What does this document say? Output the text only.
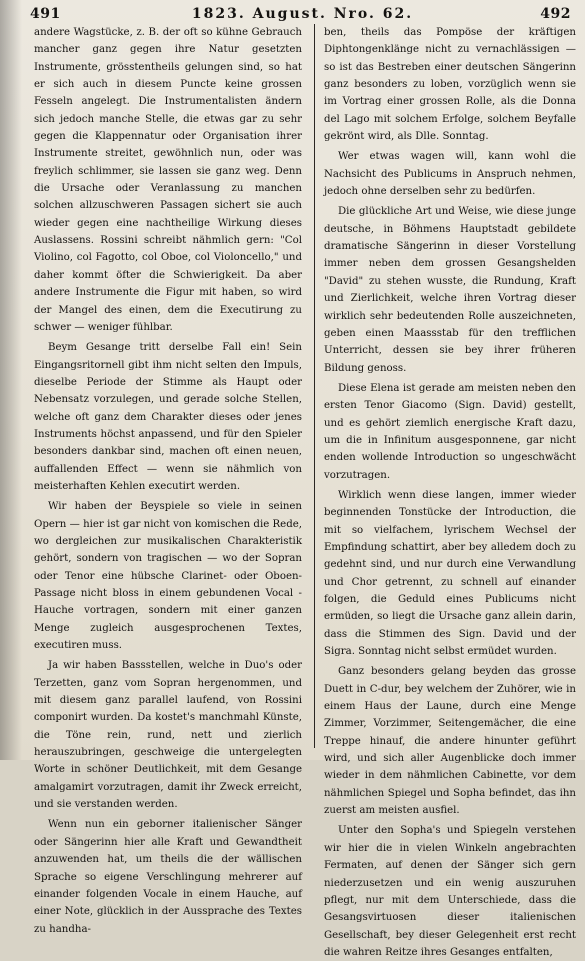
491	1823. August. Nro. 62.	492

andere Wagstücke, z. B. der oft so kühne Gebrauch mancher ganz gegen ihre Natur gesetzten Instrumente, grösstentheils gelungen sind, so hat er sich auch in diesem Puncte keine grossen Fesseln angelegt. Die Instrumentalisten ändern sich jedoch manche Stelle, die etwas gar zu sehr gegen die Klappennatur oder Organisation ihrer Instrumente streitet, gewöhnlich nun, oder was freylich schlimmer, sie lassen sie ganz weg. Denn die Ursache oder Veranlassung zu manchen solchen allzuschweren Passagen sichert sie auch wieder gegen eine nachtheilige Wirkung dieses Auslassens. Rossini schreibt nähmlich gern: "Col Violino, col Fagotto, col Oboe, col Violoncello," und daher kommt öfter die Schwierigkeit. Da aber andere Instrumente die Figur mit haben, so wird der Mangel des einen, dem die Executirung zu schwer — weniger fühlbar.

Beym Gesange tritt derselbe Fall ein! Sein Eingangsritornell gibt ihm nicht selten den Impuls, dieselbe Periode der Stimme als Haupt oder Nebensatz vorzulegen, und gerade solche Stellen, welche oft ganz dem Charakter dieses oder jenes Instruments höchst anpassend, und für den Spieler besonders dankbar sind, machen oft einen neuen, auffallenden Effect — wenn sie nähmlich von meisterhaften Kehlen executirt werden.

Wir haben der Beyspiele so viele in seinen Opern — hier ist gar nicht von komischen die Rede, wo dergleichen zur musikalischen Charakteristik gehört, sondern von tragischen — wo der Sopran oder Tenor eine hübsche Clarinet- oder Oboen-Passage nicht bloss in einem gebundenen Vocal - Hauche vortragen, sondern mit einer ganzen Menge zugleich ausgesprochenen Textes, executiren muss.

Ja wir haben Bassstellen, welche in Duo's oder Terzetten, ganz vom Sopran hergenommen, und mit diesem ganz parallel laufend, von Rossini componirt wurden. Da kostet's manchmahl Künste, die Töne rein, rund, nett und zierlich herauszubringen, geschweige die untergelegten Worte in schöner Deutlichkeit, mit dem Gesange amalgamirt vorzutragen, damit ihr Zweck erreicht, und sie verstanden werden.

Wenn nun ein geborner italienischer Sänger oder Sängerinn hier alle Kraft und Gewandtheit anzuwenden hat, um theils die der wällischen Sprache so eigene Verschlingung mehrerer auf einander folgenden Vocale in einem Hauche, auf einer Note, glücklich in der Aussprache des Textes zu handha-

ben, theils das Pompöse der kräftigen Diphtongenklänge nicht zu vernachlässigen — so ist das Bestreben einer deutschen Sängerinn ganz besonders zu loben, vorzüglich wenn sie im Vortrag einer grossen Rolle, als die Donna del Lago mit solchem Erfolge, solchem Beyfalle gekrönt wird, als Dlle. Sonntag.

Wer etwas wagen will, kann wohl die Nachsicht des Publicums in Anspruch nehmen, jedoch ohne derselben sehr zu bedürfen.

Die glückliche Art und Weise, wie diese junge deutsche, in Böhmens Hauptstadt gebildete dramatische Sängerinn in dieser Vorstellung immer neben dem grossen Gesangshelden "David" zu stehen wusste, die Rundung, Kraft und Zierlichkeit, welche ihren Vortrag dieser wirklich sehr bedeutenden Rolle auszeichneten, geben einen Maassstab für den trefflichen Unterricht, dessen sie bey ihrer früheren Bildung genoss.

Diese Elena ist gerade am meisten neben den ersten Tenor Giacomo (Sign. David) gestellt, und es gehört ziemlich energische Kraft dazu, um die in Infinitum ausgesponnene, gar nicht enden wollende Introduction so ungeschwächt vorzutragen.

Wirklich wenn diese langen, immer wieder beginnenden Tonstücke der Introduction, die mit so vielfachem, lyrischem Wechsel der Empfindung schattirt, aber bey alledem doch zu gedehnt sind, und nur durch eine Verwandlung und Chor getrennt, zu schnell auf einander folgen, die Geduld eines Publicums nicht ermüden, so liegt die Ursache ganz allein darin, dass die Stimmen des Sign. David und der Sigra. Sonntag nicht selbst ermüdet wurden.

Ganz besonders gelang beyden das grosse Duett in C-dur, bey welchem der Zuhörer, wie in einem Haus der Laune, durch eine Menge Zimmer, Vorzimmer, Seitengemächer, die eine Treppe hinauf, die andere hinunter geführt wird, und sich aller Augenblicke doch immer wieder in dem nähmlichen Cabinette, vor dem nähmlichen Spiegel und Sopha befindet, das ihn zuerst am meisten ausfiel.

Unter den Sopha's und Spiegeln verstehen wir hier die in vielen Winkeln angebrachten Fermaten, auf denen der Sänger sich gern niederzusetzen und ein wenig auszuruhen pflegt, nur mit dem Unterschiede, dass die Gesangsvirtuosen dieser italienischen Gesellschaft, bey dieser Gelegenheit erst recht die wahren Reitze ihres Gesanges entfalten,
